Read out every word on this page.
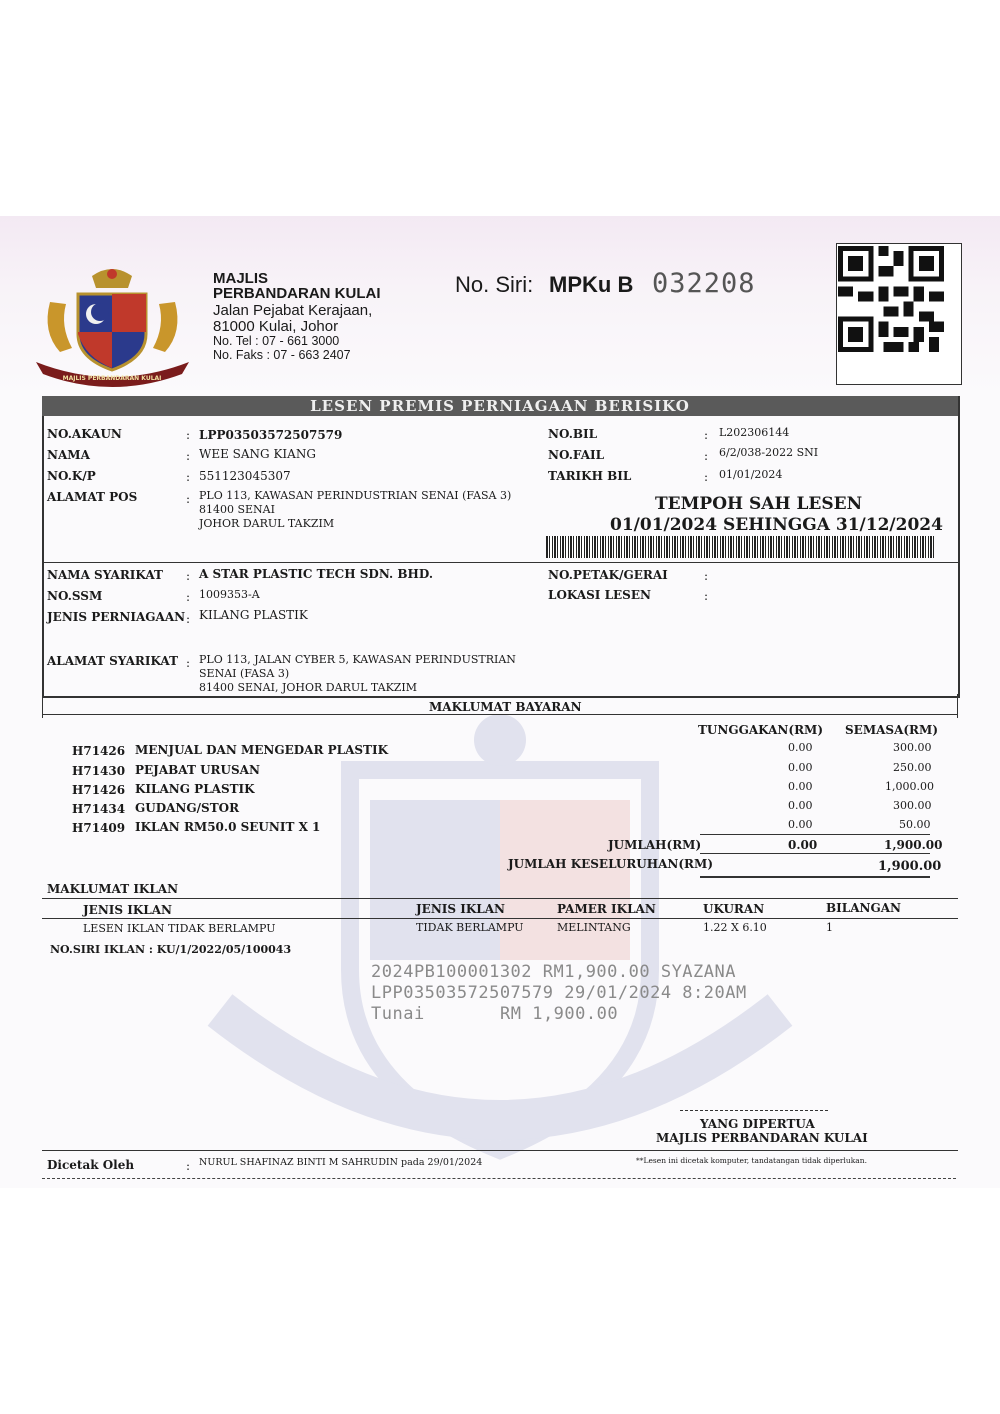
MAJLIS PERBANDARAN KULAI
MAJLIS
PERBANDARAN KULAI
Jalan Pejabat Kerajaan,
81000 Kulai, Johor
No. Tel : 07 - 661 3000
No. Faks : 07 - 663 2407
No. Siri: MPKu B 032208
LESEN PREMIS PERNIAGAAN BERISIKO
NO.AKAUN	: LPP03503572507579
NAMA	: WEE SANG KIANG
NO.K/P	: 551123045307
ALAMAT POS	: PLO 113, KAWASAN PERINDUSTRIAN SENAI (FASA 3)
81400 SENAI
JOHOR DARUL TAKZIM
NO.BIL	: L202306144
NO.FAIL	: 6/2/038-2022 SNI
TARIKH BIL	: 01/01/2024
TEMPOH SAH LESEN
01/01/2024 SEHINGGA 31/12/2024
NAMA SYARIKAT : A STAR PLASTIC TECH SDN. BHD.
NO.SSM	: 1009353-A
JENIS PERNIAGAAN : KILANG PLASTIK
ALAMAT SYARIKAT : PLO 113, JALAN CYBER 5, KAWASAN PERINDUSTRIAN
SENAI (FASA 3)
81400 SENAI, JOHOR DARUL TAKZIM
NO.PETAK/GERAI	:
LOKASI LESEN	:
MAKLUMAT BAYARAN
TUNGGAKAN(RM) SEMASA(RM)
H71426 MENJUAL DAN MENGEDAR PLASTIK	0.00	300.00
H71430 PEJABAT URUSAN	0.00	250.00
H71426 KILANG PLASTIK	0.00	1,000.00
H71434 GUDANG/STOR	0.00	300.00
H71409 IKLAN RM50.0 SEUNIT X 1	0.00	50.00
JUMLAH(RM)	0.00	1,900.00
JUMLAH KESELURUHAN(RM)	1,900.00
MAKLUMAT IKLAN
JENIS IKLAN	JENIS IKLAN	PAMER IKLAN	UKURAN	BILANGAN
LESEN IKLAN TIDAK BERLAMPU	TIDAK BERLAMPU	MELINTANG	1.22 X 6.10	1
NO.SIRI IKLAN : KU/1/2022/05/100043
2024PB100001302 RM1,900.00 SYAZANA
LPP03503572507579 29/01/2024 8:20AM
Tunai	RM 1,900.00
YANG DIPERTUA
MAJLIS PERBANDARAN KULAI
Dicetak Oleh	: NURUL SHAFINAZ BINTI M SAHRUDIN pada 29/01/2024	**Lesen ini dicetak komputer, tandatangan tidak diperlukan.
